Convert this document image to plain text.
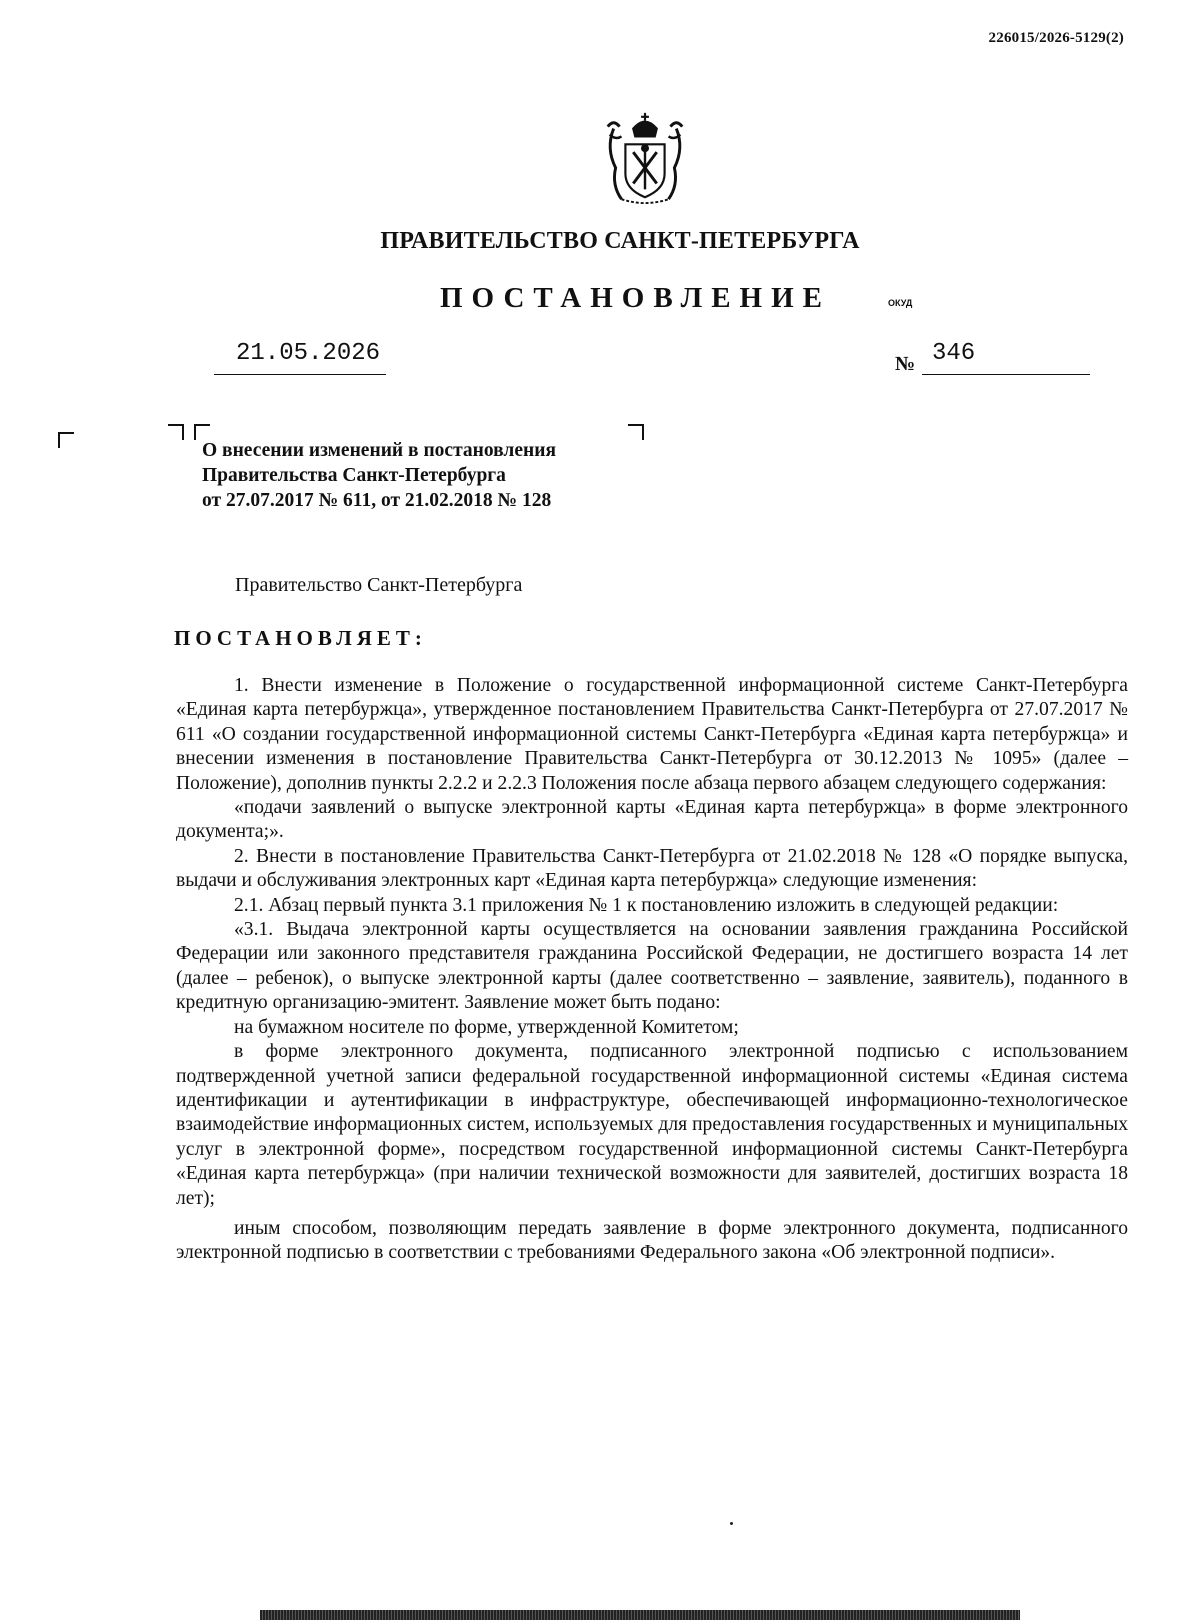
226015/2026-5129(2)
ПРАВИТЕЛЬСТВО САНКТ-ПЕТЕРБУРГА
ПОСТАНОВЛЕНИЕ	ОКУД
21.05.2026	№ 346
О внесении изменений в постановления
Правительства Санкт-Петербурга
от 27.07.2017 № 611, от 21.02.2018 № 128
Правительство Санкт-Петербурга
ПОСТАНОВЛЯЕТ:

1. Внести изменение в Положение о государственной информационной системе Санкт-Петербурга «Единая карта петербуржца», утвержденное постановлением Правительства Санкт-Петербурга от 27.07.2017 № 611 «О создании государственной информационной системы Санкт-Петербурга «Единая карта петербуржца» и внесении изменения в постановление Правительства Санкт-Петербурга от 30.12.2013 № 1095» (далее – Положение), дополнив пункты 2.2.2 и 2.2.3 Положения после абзаца первого абзацем следующего содержания:

«подачи заявлений о выпуске электронной карты «Единая карта петербуржца» в форме электронного документа;».

2. Внести в постановление Правительства Санкт-Петербурга от 21.02.2018 № 128 «О порядке выпуска, выдачи и обслуживания электронных карт «Единая карта петербуржца» следующие изменения:

2.1. Абзац первый пункта 3.1 приложения № 1 к постановлению изложить в следующей редакции:

«3.1. Выдача электронной карты осуществляется на основании заявления гражданина Российской Федерации или законного представителя гражданина Российской Федерации, не достигшего возраста 14 лет (далее – ребенок), о выпуске электронной карты (далее соответственно – заявление, заявитель), поданного в кредитную организацию-эмитент. Заявление может быть подано:

на бумажном носителе по форме, утвержденной Комитетом;

в форме электронного документа, подписанного электронной подписью с использованием подтвержденной учетной записи федеральной государственной информационной системы «Единая система идентификации и аутентификации в инфраструктуре, обеспечивающей информационно-технологическое взаимодействие информационных систем, используемых для предоставления государственных и муниципальных услуг в электронной форме», посредством государственной информационной системы Санкт-Петербурга «Единая карта петербуржца» (при наличии технической возможности для заявителей, достигших возраста 18 лет);

иным способом, позволяющим передать заявление в форме электронного документа, подписанного электронной подписью в соответствии с требованиями Федерального закона «Об электронной подписи».
